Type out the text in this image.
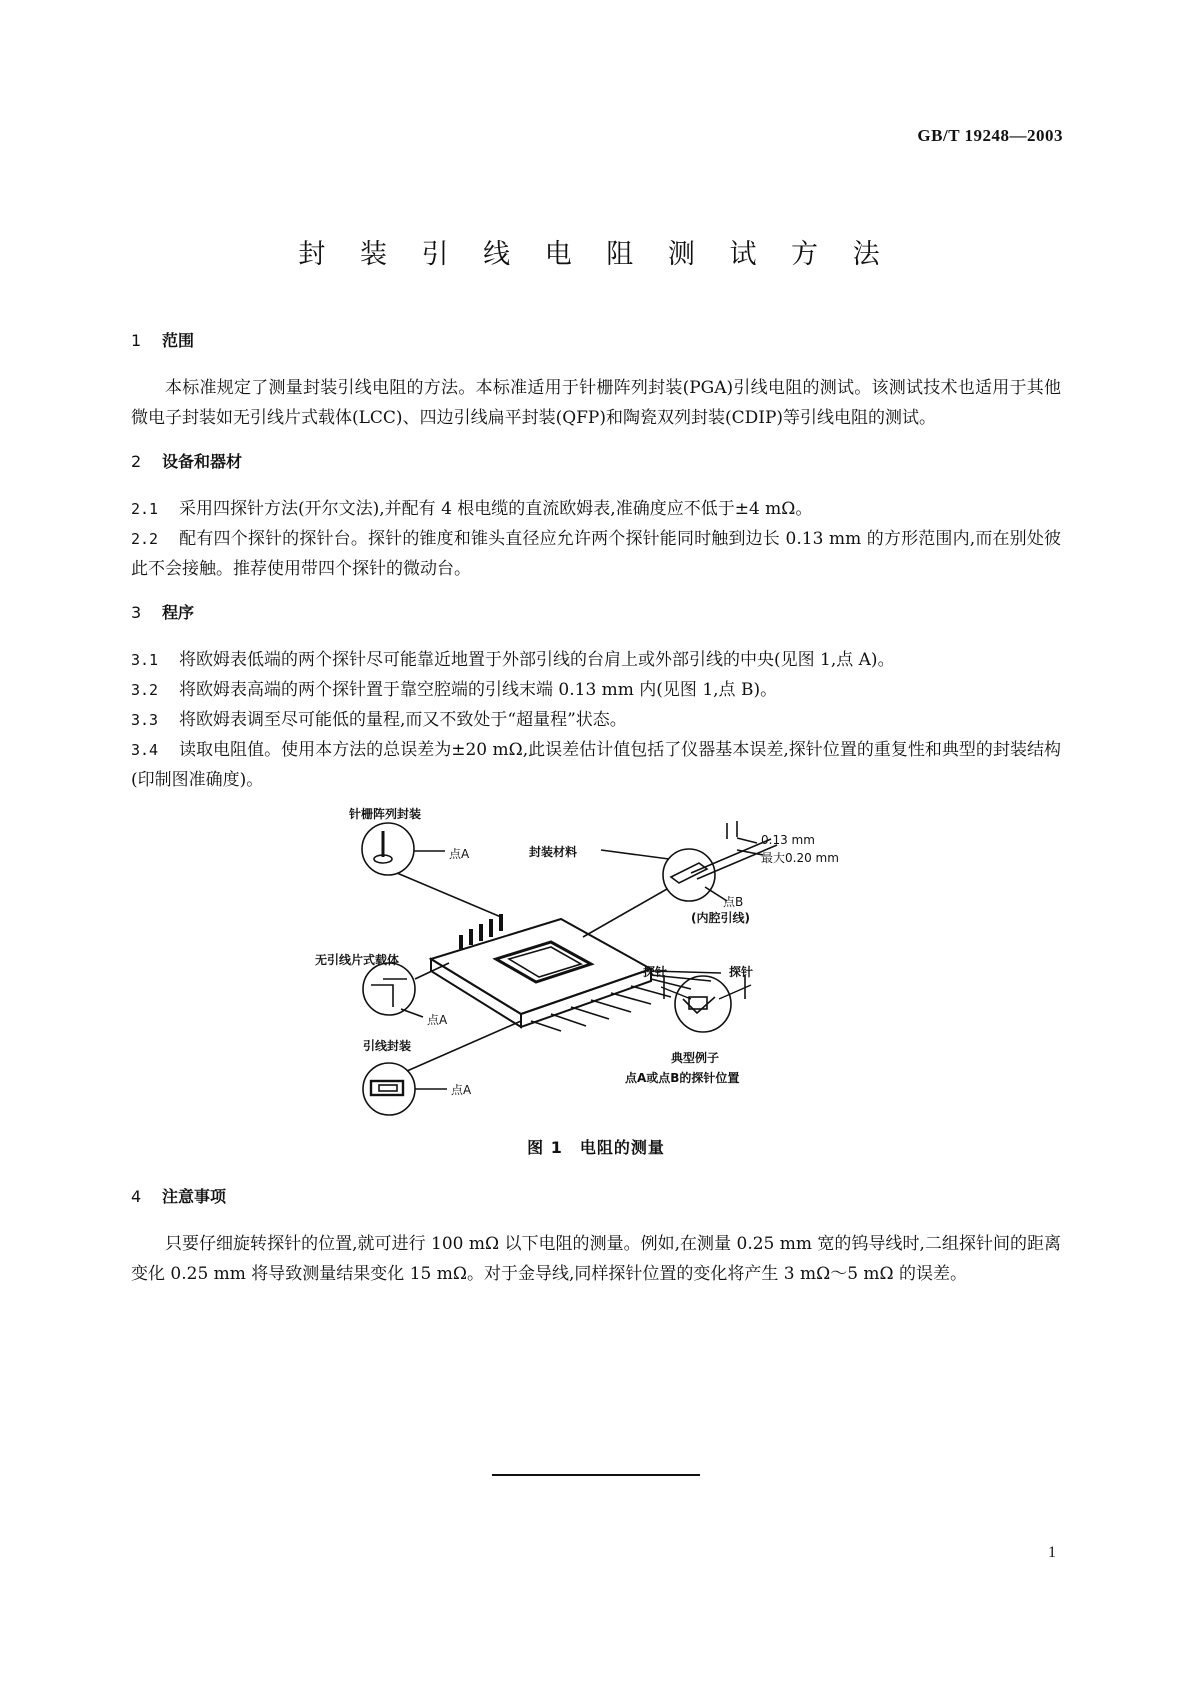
GB/T 19248—2003
封 装 引 线 电 阻 测 试 方 法
1 范围

本标准规定了测量封装引线电阻的方法。本标准适用于针栅阵列封装(PGA)引线电阻的测试。该测试技术也适用于其他微电子封装如无引线片式载体(LCC)、四边引线扁平封装(QFP)和陶瓷双列封装(CDIP)等引线电阻的测试。

2 设备和器材

2.1 采用四探针方法(开尔文法),并配有 4 根电缆的直流欧姆表,准确度应不低于±4 mΩ。

2.2 配有四个探针的探针台。探针的锥度和锥头直径应允许两个探针能同时触到边长 0.13 mm 的方形范围内,而在别处彼此不会接触。推荐使用带四个探针的微动台。

3 程序

3.1 将欧姆表低端的两个探针尽可能靠近地置于外部引线的台肩上或外部引线的中央(见图 1,点 A)。

3.2 将欧姆表高端的两个探针置于靠空腔端的引线末端 0.13 mm 内(见图 1,点 B)。

3.3 将欧姆表调至尽可能低的量程,而又不致处于“超量程”状态。

3.4 读取电阻值。使用本方法的总误差为±20 mΩ,此误差估计值包括了仪器基本误差,探针位置的重复性和典型的封装结构(印制图准确度)。

针栅阵列封装
点A	封装材料
0.13 mm
最大0.20 mm
点B
(内腔引线)
无引线片式载体
点A
探针	探针
引线封装
点A
典型例子
点A或点B的探针位置
图 1　电阻的测量
4 注意事项

只要仔细旋转探针的位置,就可进行 100 mΩ 以下电阻的测量。例如,在测量 0.25 mm 宽的钨导线时,二组探针间的距离变化 0.25 mm 将导致测量结果变化 15 mΩ。对于金导线,同样探针位置的变化将产生 3 mΩ～5 mΩ 的误差。

1
